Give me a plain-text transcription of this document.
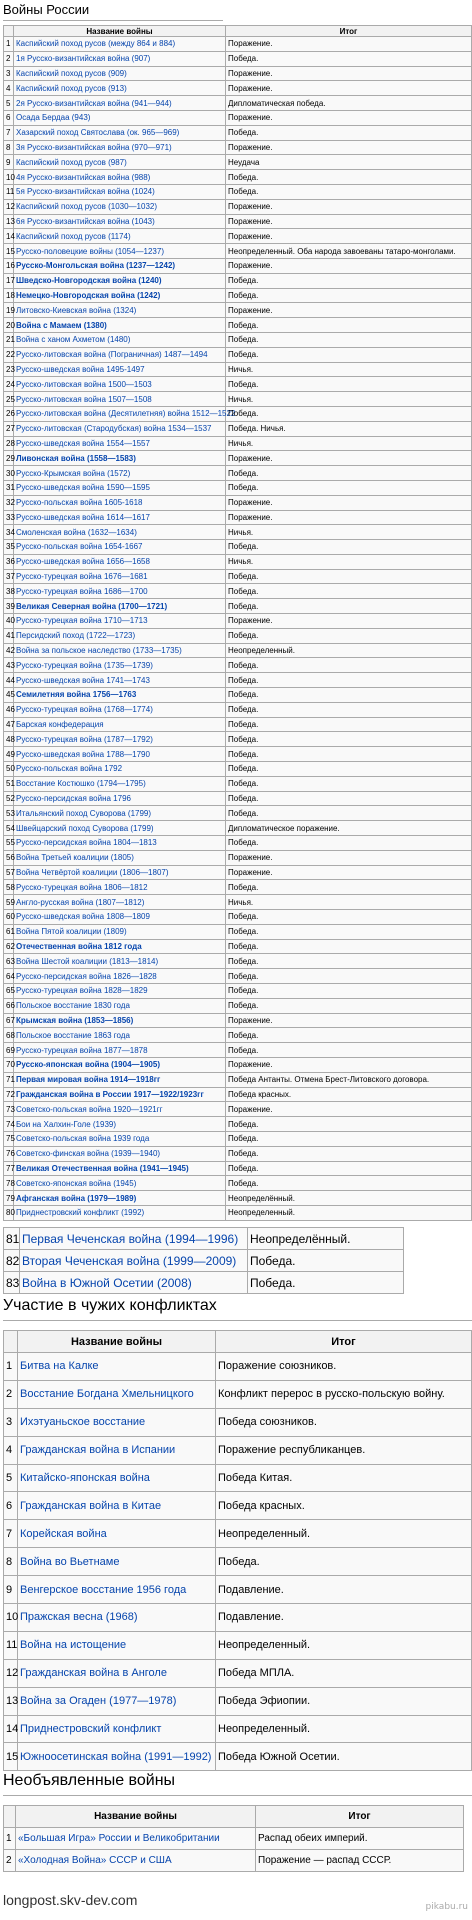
Войны России
	Название войны	Итог
1	Каспийский поход русов (между 864 и 884)	Поражение.
2	1я Русско-византийская война (907)	Победа.
3	Каспийский поход русов (909)	Поражение.
4	Каспийский поход русов (913)	Поражение.
5	2я Русско-византийская война (941—944)	Дипломатическая победа.
6	Осада Бердаа (943)	Поражение.
7	Хазарский поход Святослава (ок. 965—969)	Победа.
8	3я Русско-византийская война (970—971)	Поражение.
9	Каспийский поход русов (987)	Неудача
10	4я Русско-византийская война (988)	Победа.
11	5я Русско-византийская война (1024)	Победа.
12	Каспийский поход русов (1030—1032)	Поражение.
13	6я Русско-византийская война (1043)	Поражение.
14	Каспийский поход русов (1174)	Поражение.
15	Русско-половецкие войны (1054—1237)	Неопределенный. Оба народа завоеваны татаро-монголами.
16	Русско-Монгольская война (1237—1242)	Поражение.
17	Шведско-Новгородская война (1240)	Победа.
18	Немецко-Новгородская война (1242)	Победа.
19	Литовско-Киевская война (1324)	Поражение.
20	Война с Мамаем (1380)	Победа.
21	Война с ханом Ахметом (1480)	Победа.
22	Русско-литовская война (Пограничная) 1487—1494	Победа.
23	Русско-шведская война 1495-1497	Ничья.
24	Русско-литовская война 1500—1503	Победа.
25	Русско-литовская война 1507—1508	Ничья.
26	Русско-литовская война (Десятилетняя) война 1512—1522	Победа.
27	Русско-литовская (Стародубская) война 1534—1537	Победа. Ничья.
28	Русско-шведская война 1554—1557	Ничья.
29	Ливонская война (1558—1583)	Поражение.
30	Русско-Крымская война (1572)	Победа.
31	Русско-шведская война 1590—1595	Победа.
32	Русско-польская война 1605-1618	Поражение.
33	Русско-шведская война 1614—1617	Поражение.
34	Смоленская война (1632—1634)	Ничья.
35	Русско-польская война 1654-1667	Победа.
36	Русско-шведская война 1656—1658	Ничья.
37	Русско-турецкая война 1676—1681	Победа.
38	Русско-турецкая война 1686—1700	Победа.
39	Великая Северная война (1700—1721)	Победа.
40	Русско-турецкая война 1710—1713	Поражение.
41	Персидский поход (1722—1723)	Победа.
42	Война за польское наследство (1733—1735)	Неопределенный.
43	Русско-турецкая война (1735—1739)	Победа.
44	Русско-шведская война 1741—1743	Победа.
45	Семилетняя война 1756—1763	Победа.
46	Русско-турецкая война (1768—1774)	Победа.
47	Барская конфедерация	Победа.
48	Русско-турецкая война (1787—1792)	Победа.
49	Русско-шведская война 1788—1790	Победа.
50	Русско-польская война 1792	Победа.
51	Восстание Костюшко (1794—1795)	Победа.
52	Русско-персидская война 1796	Победа.
53	Итальянский поход Суворова (1799)	Победа.
54	Швейцарский поход Суворова (1799)	Дипломатическое поражение.
55	Русско-персидская война 1804—1813	Победа.
56	Война Третьей коалиции (1805)	Поражение.
57	Война Четвёртой коалиции (1806—1807)	Поражение.
58	Русско-турецкая война 1806—1812	Победа.
59	Англо-русская война (1807—1812)	Ничья.
60	Русско-шведская война 1808—1809	Победа.
61	Война Пятой коалиции (1809)	Победа.
62	Отечественная война 1812 года	Победа.
63	Война Шестой коалиции (1813—1814)	Победа.
64	Русско-персидская война 1826—1828	Победа.
65	Русско-турецкая война 1828—1829	Победа.
66	Польское восстание 1830 года	Победа.
67	Крымская война (1853—1856)	Поражение.
68	Польское восстание 1863 года	Победа.
69	Русско-турецкая война 1877—1878	Победа.
70	Русско-японская война (1904—1905)	Поражение.
71	Первая мировая война 1914—1918гг	Победа Антанты. Отмена Брест-Литовского договора.
72	Гражданская война в России 1917—1922/1923гг	Победа красных.
73	Советско-польская война 1920—1921гг	Поражение.
74	Бои на Халхин-Голе (1939)	Победа.
75	Советско-польская война 1939 года	Победа.
76	Советско-финская война (1939—1940)	Победа.
77	Великая Отечественная война (1941—1945)	Победа.
78	Советско-японская война (1945)	Победа.
79	Афганская война (1979—1989)	Неопределённый.
80	Приднестровский конфликт (1992)	Неопределенный.
81	Первая Чеченская война (1994—1996)	Неопределённый.
82	Вторая Чеченская война (1999—2009)	Победа.
83	Война в Южной Осетии (2008)	Победа.
Участие в чужих конфликтах
	Название войны	Итог
1	Битва на Калке	Поражение союзников.
2	Восстание Богдана Хмельницкого	Конфликт перерос в русско-польскую войну.
3	Ихэтуаньское восстание	Победа союзников.
4	Гражданская война в Испании	Поражение республиканцев.
5	Китайско-японская война	Победа Китая.
6	Гражданская война в Китае	Победа красных.
7	Корейская война	Неопределенный.
8	Война во Вьетнаме	Победа.
9	Венгерское восстание 1956 года	Подавление.
10	Пражская весна (1968)	Подавление.
11	Война на истощение	Неопределенный.
12	Гражданская война в Анголе	Победа МПЛА.
13	Война за Огаден (1977—1978)	Победа Эфиопии.
14	Приднестровский конфликт	Неопределенный.
15	Южноосетинская война (1991—1992)	Победа Южной Осетии.
Необъявленные войны
	Название войны	Итог
1	«Большая Игра» России и Великобритании	Распад обеих империй.
2	«Холодная Война» СССР и США	Поражение — распад СССР.
longpost.skv-dev.com	pikabu.ru
